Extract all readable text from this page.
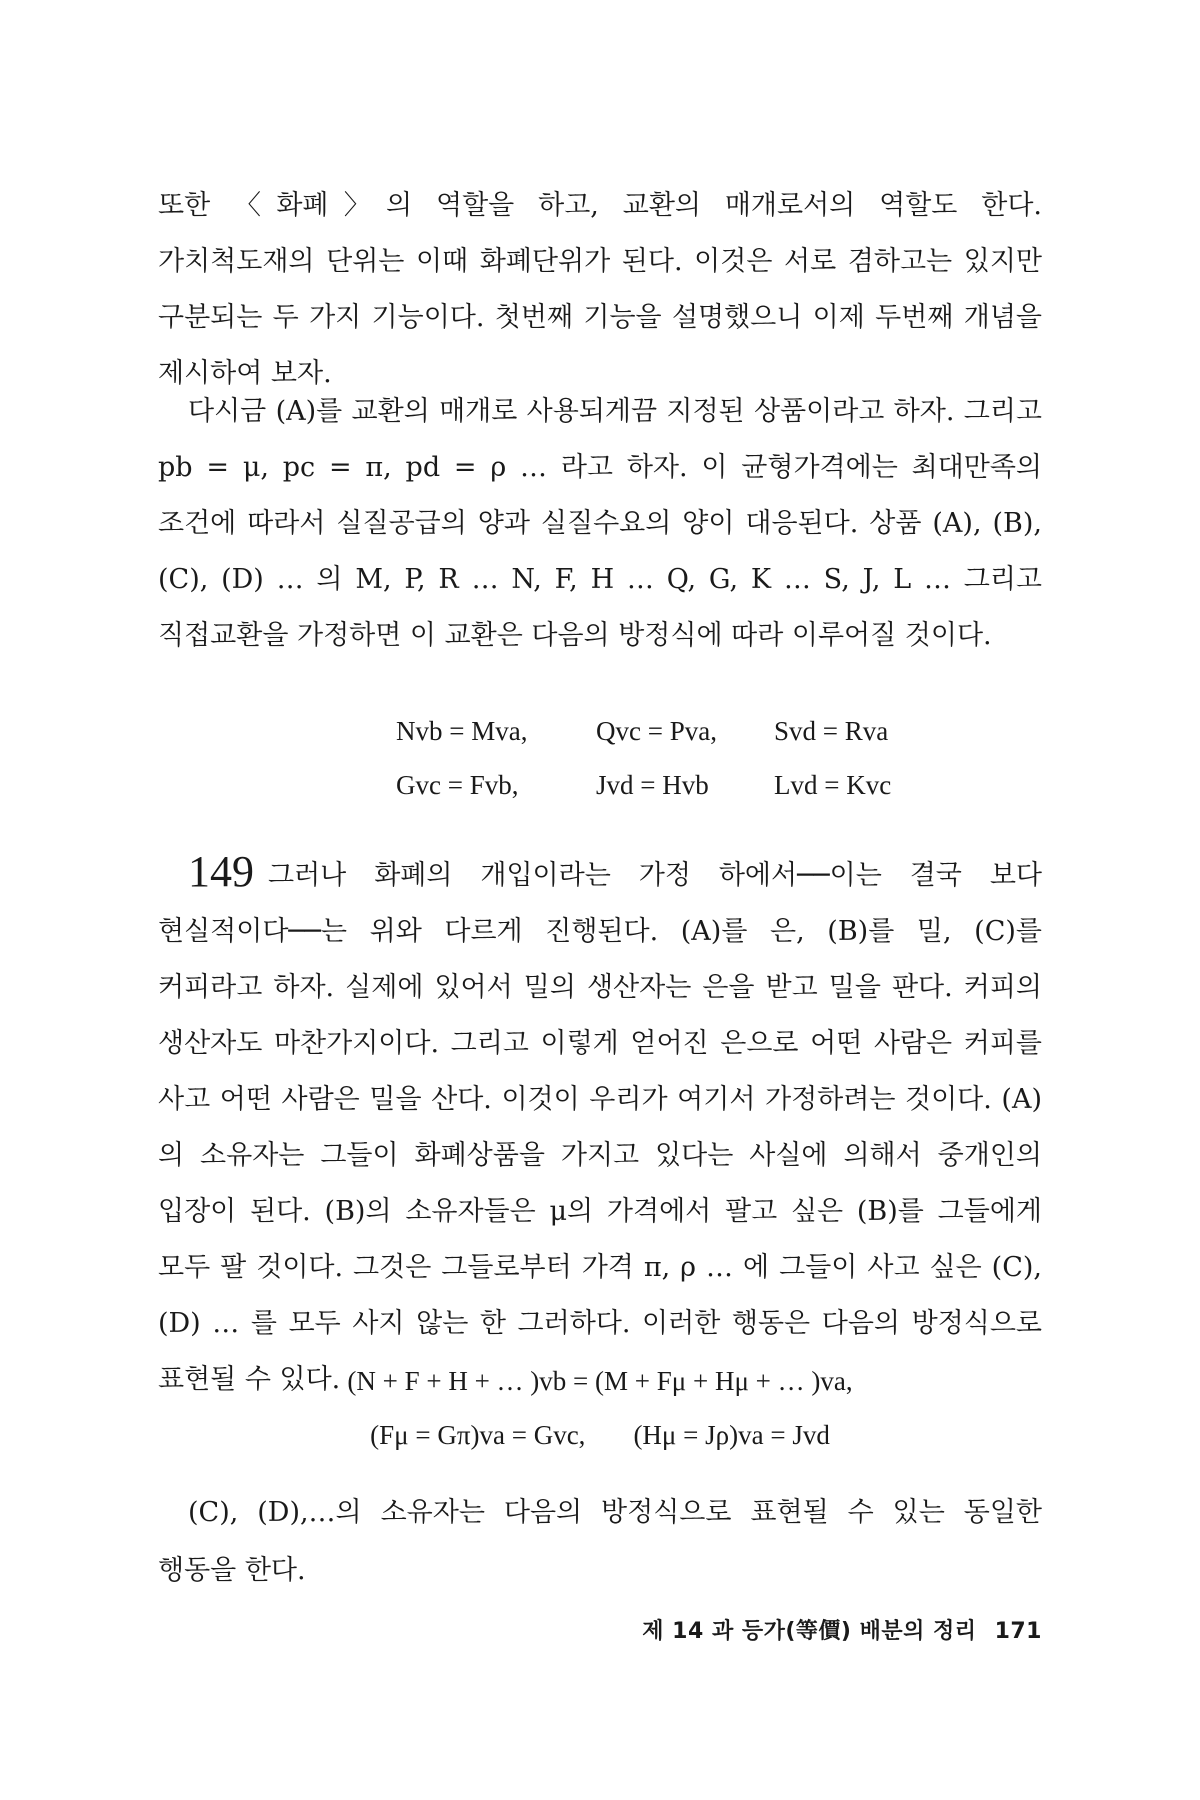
또한 〈화폐〉의 역할을 하고, 교환의 매개로서의 역할도 한다. 가치척도재의 단위는 이때 화폐단위가 된다. 이것은 서로 겸하고는 있지만 구분되는 두 가지 기능이다. 첫번째 기능을 설명했으니 이제 두번째 개념을 제시하여 보자.

다시금 (A)를 교환의 매개로 사용되게끔 지정된 상품이라고 하자. 그리고 pb = μ, pc = π, pd = ρ … 라고 하자. 이 균형가격에는 최대만족의 조건에 따라서 실질공급의 양과 실질수요의 양이 대응된다. 상품 (A), (B), (C), (D) … 의 M, P, R … N, F, H … Q, G, K … S, J, L … 그리고 직접교환을 가정하면 이 교환은 다음의 방정식에 따라 이루어질 것이다.

Nvb = Mva,	Qvc = Pva,	Svd = Rva
Gvc = Fvb,	Jvd = Hvb	Lvd = Kvc

149 그러나 화폐의 개입이라는 가정 하에서──이는 결국 보다 현실적이다──는 위와 다르게 진행된다. (A)를 은, (B)를 밀, (C)를 커피라고 하자. 실제에 있어서 밀의 생산자는 은을 받고 밀을 판다. 커피의 생산자도 마찬가지이다. 그리고 이렇게 얻어진 은으로 어떤 사람은 커피를 사고 어떤 사람은 밀을 산다. 이것이 우리가 여기서 가정하려는 것이다. (A)의 소유자는 그들이 화폐상품을 가지고 있다는 사실에 의해서 중개인의 입장이 된다. (B)의 소유자들은 μ의 가격에서 팔고 싶은 (B)를 그들에게 모두 팔 것이다. 그것은 그들로부터 가격 π, ρ … 에 그들이 사고 싶은 (C), (D) … 를 모두 사지 않는 한 그러하다. 이러한 행동은 다음의 방정식으로 표현될 수 있다. (N + F + H + … )vb = (M + Fμ + Hμ + … )va,
(Fμ = Gπ)va = Gvc, (Hμ = Jρ)va = Jvd

(C), (D),…의 소유자는 다음의 방정식으로 표현될 수 있는 동일한 행동을 한다.

제 14 과 등가(等價) 배분의 정리 171
